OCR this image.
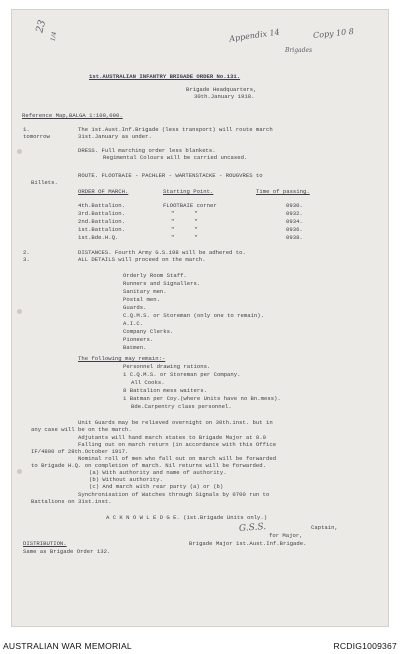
23
1/4	Appendix 14	Copy 10 8
Brigades
1st.AUSTRALIAN INFANTRY BRIGADE ORDER No.131.
Brigade Headquarters,
30th.January 1918.
Reference Map,BALGA 1:100,000.
1.	The 1st.Aust.Inf.Brigade (less transport) will route march
tomorrow	31st.January as under.
DRESS. Full marching order less blankets.
Regimental Colours will be carried uncased.
ROUTE. FLOOTBAIE - PACHLER - WARTENSTACKE - ROUGVRES to
Billets.
ORDER OF MARCH.	Starting Point.	Time of passing.
4th.Battalion.	FLOOTBAIE corner	0930.
3rd.Battalion.	"      "	0932.
2nd.Battalion.	"      "	0934.
1st.Battalion.	"      "	0936.
1st.Bde.H.Q.	"      "	0938.
2.	DISTANCES. Fourth Army G.S.198 will be adhered to.
3.	ALL DETAILS will proceed on the march.
Orderly Room Staff.
Runners and Signallers.
Sanitary men.
Postal men.
Guards.
C.Q.M.S. or Storeman (only one to remain).
A.I.C.
Company Clerks.
Pioneers.
Batmen.
The following may remain:-
Personnel drawing rations.
1 C.Q.M.S. or Storeman per Company.
All Cooks.
8 Battalion mess waiters.
1 Batman per Coy.(where Units have no Bn.mess).
Bde.Carpentry class personnel.
Unit Guards may be relieved overnight on 30th.inst. but in
any case will be on the march.
Adjutants will hand march states to Brigade Major at 8.0
Falling out on march return (in accordance with this Office
IF/4800 of 28th.October 1917.
Nominal roll of men who fall out on march will be forwarded
to Brigade H.Q. on completion of march. Nil returns will be forwarded.
(a) With authority and name of authority.
(b) Without authority.
(c) And march with rear party (a) or (b)
Synchronisation of Watches through Signals by 0700 run to
Battalions on 31st.inst.
A C K N O W L E D G E. (1st.Brigade Units only.)
G.S.S.	Captain,
for Major,
Brigade Major 1st.Aust.Inf.Brigade.
DISTRIBUTION.
Same as Brigade Order 132.
AUSTRALIAN WAR MEMORIAL	RCDIG1009367
